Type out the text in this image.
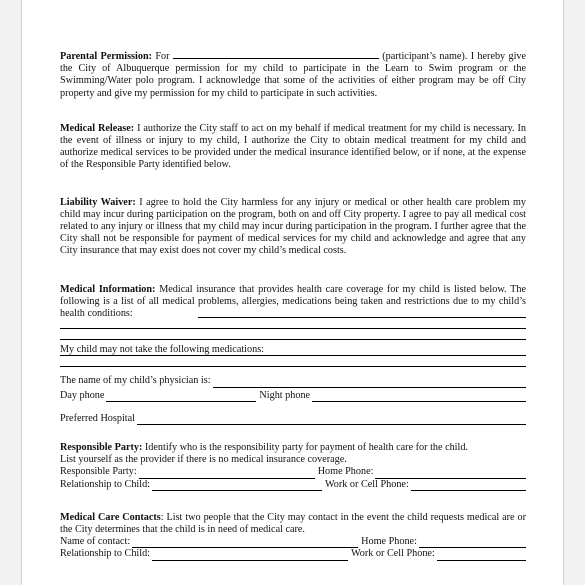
Parental Permission: For	(participant’s name). I hereby give the City of Albuquerque permission for my child to participate in the Learn to Swim program or the Swimming/Water polo program. I acknowledge that some of the activities of either program may be off City property and give my permission for my child to participate in such activities.

Medical Release: I authorize the City staff to act on my behalf if medical treatment for my child is necessary. In the event of illness or injury to my child, I authorize the City to obtain medical treatment for my child and authorize medical services to be provided under the medical insurance identified below, or if none, at the expense of the Responsible Party identified below.

Liability Waiver: I agree to hold the City harmless for any injury or medical or other health care problem my child may incur during participation on the program, both on and off City property. I agree to pay all medical cost related to any injury or illness that my child may incur during participation in the program. I further agree that the City shall not be responsible for payment of medical services for my child and acknowledge and agree that any City insurance that may exist does not cover my child’s medical costs.

Medical Information: Medical insurance that provides health care coverage for my child is listed below. The following is a list of all medical problems, allergies, medications being taken and restrictions due to my child’s health conditions:

My child may not take the following medications:
The name of my child’s physician is:
Day phone	Night phone
Preferred Hospital

Responsible Party: Identify who is the responsibility party for payment of health care for the child.

List yourself as the provider if there is no medical insurance coverage.

Responsible Party:	Home Phone:
Relationship to Child:	Work or Cell Phone:

Medical Care Contacts: List two people that the City may contact in the event the child requests medical are or the City determines that the child is in need of medical care.

Name of contact:	Home Phone:
Relationship to Child:	Work or Cell Phone:
